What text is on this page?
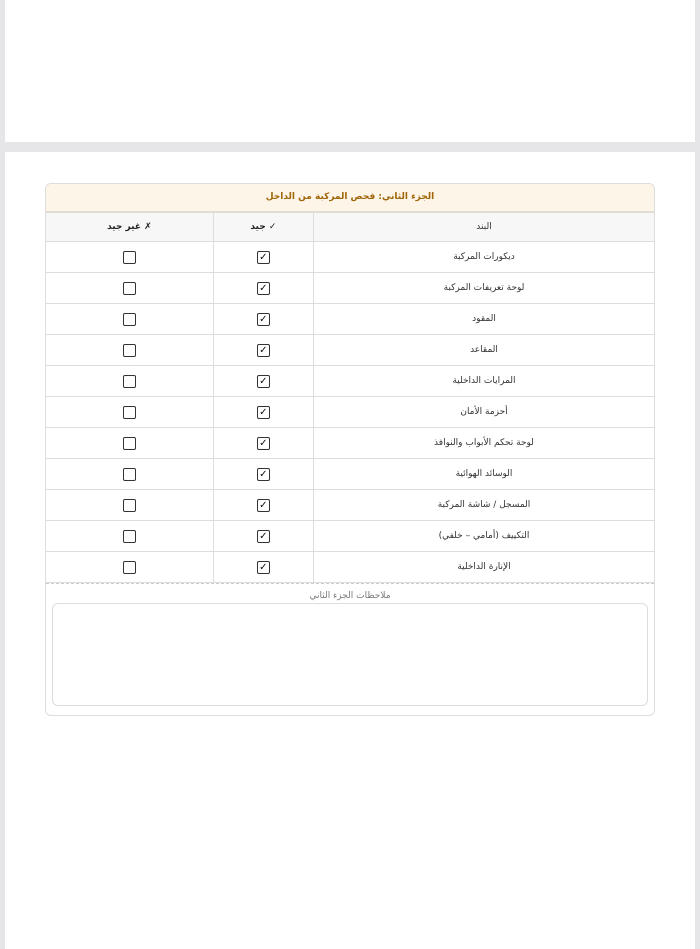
الجزء الثاني: فحص المركبة من الداخل
البند	✓ جيد	✗ غير جيد
ديكورات المركبة	✓	
لوحة تعريفات المركبة	✓	
المقود	✓	
المقاعد	✓	
المرايات الداخلية	✓	
أحزمة الأمان	✓	
لوحة تحكم الأبواب والنوافذ	✓	
الوسائد الهوائية	✓	
المسجل / شاشة المركبة	✓	
التكييف (أمامي – خلفي)	✓	
الإنارة الداخلية	✓	
ملاحظات الجزء الثاني
